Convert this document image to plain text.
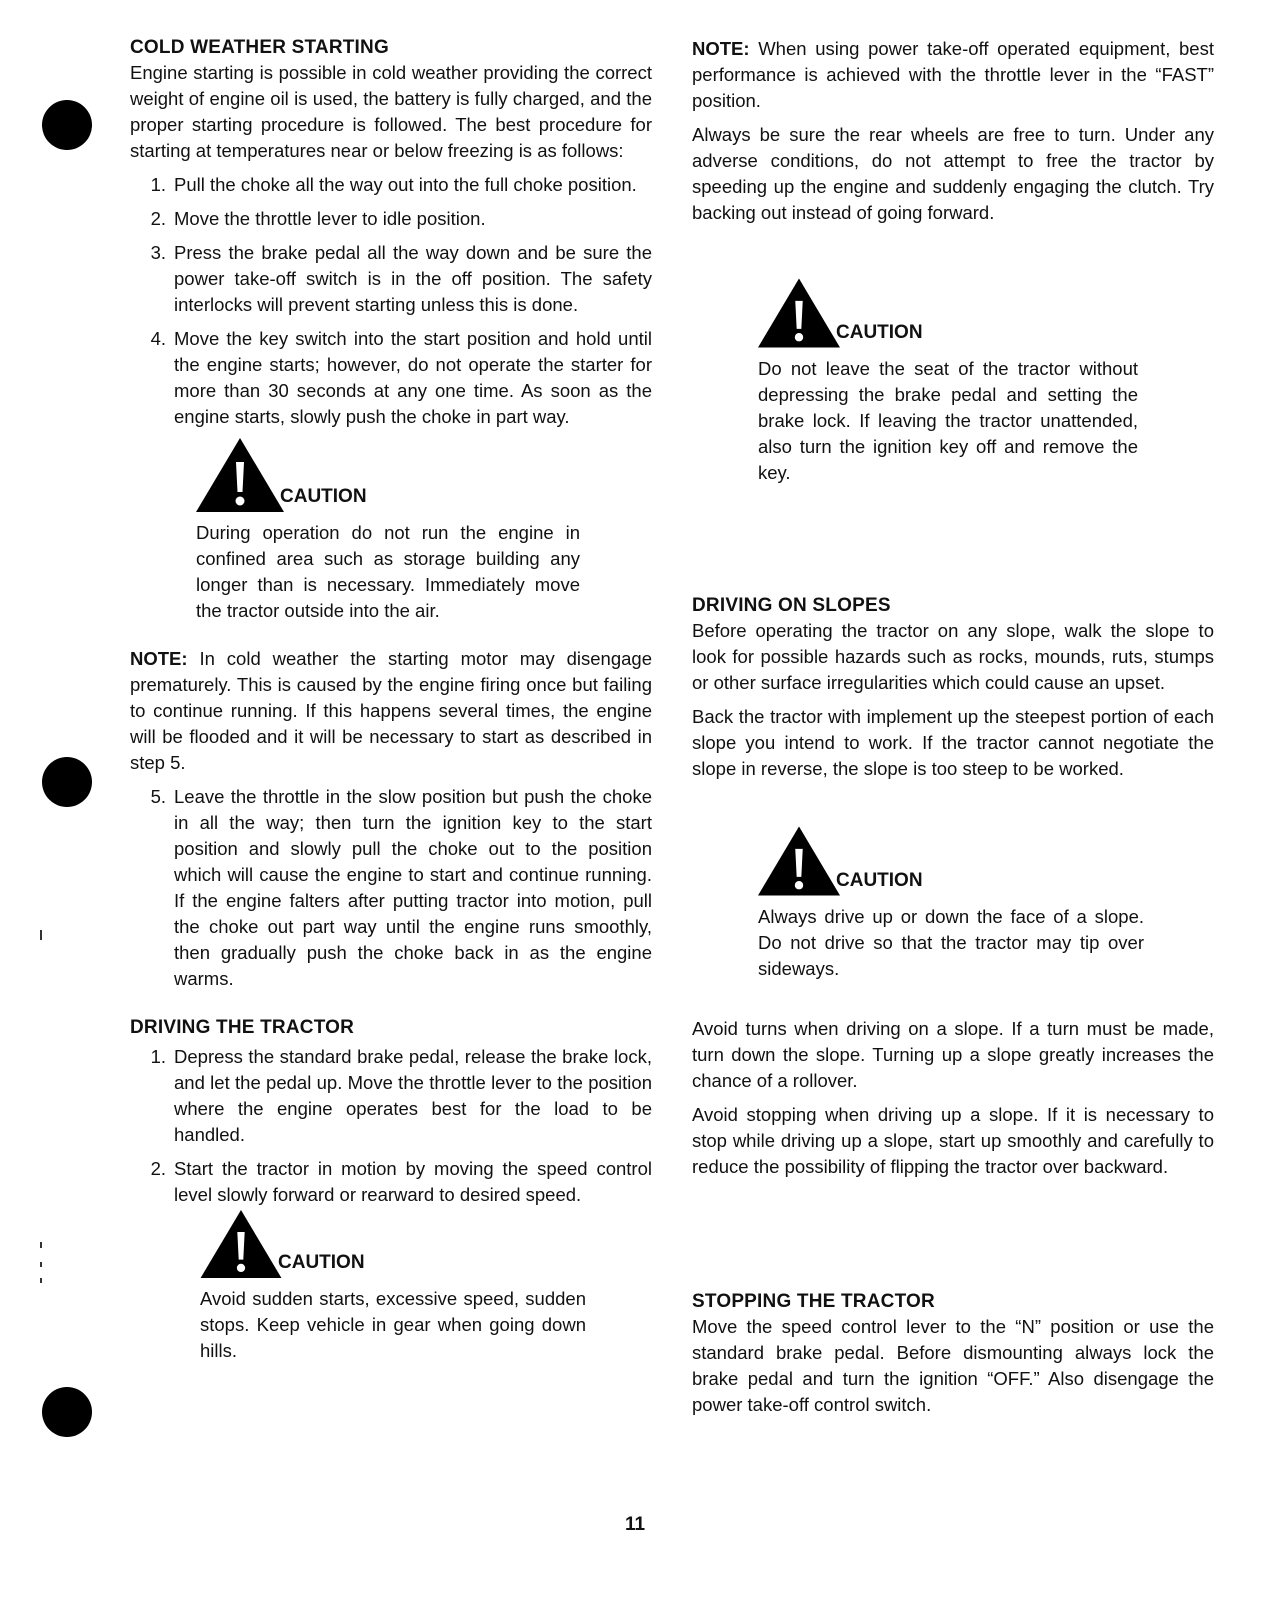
COLD WEATHER STARTING

Engine starting is possible in cold weather providing the correct weight of engine oil is used, the battery is fully charged, and the proper starting procedure is followed. The best procedure for starting at temperatures near or below freezing is as follows:

1. Pull the choke all the way out into the full choke position.
2. Move the throttle lever to idle position.
3. Press the brake pedal all the way down and be sure the power take-off switch is in the off position. The safety interlocks will prevent starting unless this is done.
4. Move the key switch into the start position and hold until the engine starts; however, do not operate the starter for more than 30 seconds at any one time. As soon as the engine starts, slowly push the choke in part way.
CAUTION

During operation do not run the engine in confined area such as storage building any longer than is necessary. Immediately move the tractor outside into the air.

NOTE: In cold weather the starting motor may disengage prematurely. This is caused by the engine firing once but failing to continue running. If this happens several times, the engine will be flooded and it will be necessary to start as described in step 5.

5. Leave the throttle in the slow position but push the choke in all the way; then turn the ignition key to the start position and slowly pull the choke out to the position which will cause the engine to start and continue running. If the engine falters after putting tractor into motion, pull the choke out part way until the engine runs smoothly, then gradually push the choke back in as the engine warms.
DRIVING THE TRACTOR
1. Depress the standard brake pedal, release the brake lock, and let the pedal up. Move the throttle lever to the position where the engine operates best for the load to be handled.
2. Start the tractor in motion by moving the speed control level slowly forward or rearward to desired speed.
CAUTION

Avoid sudden starts, excessive speed, sudden stops. Keep vehicle in gear when going down hills.

NOTE: When using power take-off operated equipment, best performance is achieved with the throttle lever in the “FAST” position.

Always be sure the rear wheels are free to turn. Under any adverse conditions, do not attempt to free the tractor by speeding up the engine and suddenly engaging the clutch. Try backing out instead of going forward.

CAUTION

Do not leave the seat of the tractor without depressing the brake pedal and setting the brake lock. If leaving the tractor unattended, also turn the ignition key off and remove the key.

DRIVING ON SLOPES

Before operating the tractor on any slope, walk the slope to look for possible hazards such as rocks, mounds, ruts, stumps or other surface irregularities which could cause an upset.

Back the tractor with implement up the steepest portion of each slope you intend to work. If the tractor cannot negotiate the slope in reverse, the slope is too steep to be worked.

CAUTION

Always drive up or down the face of a slope. Do not drive so that the tractor may tip over sideways.

Avoid turns when driving on a slope. If a turn must be made, turn down the slope. Turning up a slope greatly increases the chance of a rollover.

Avoid stopping when driving up a slope. If it is necessary to stop while driving up a slope, start up smoothly and carefully to reduce the possibility of flipping the tractor over backward.

STOPPING THE TRACTOR

Move the speed control lever to the “N” position or use the standard brake pedal. Before dismounting always lock the brake pedal and turn the ignition “OFF.” Also disengage the power take-off control switch.

11
